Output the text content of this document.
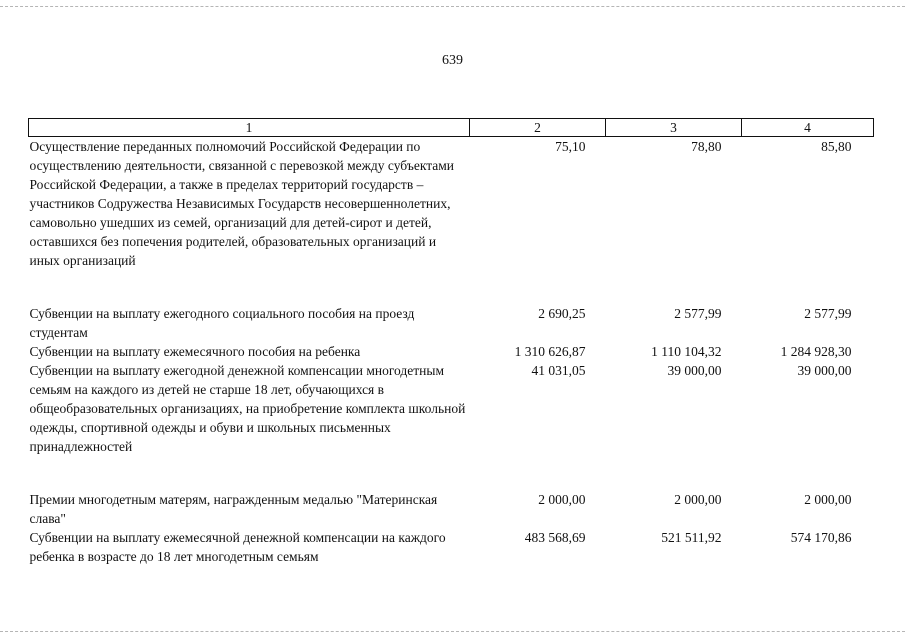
639
1	2	3	4
Осуществление переданных полномочий Российской Федерации по осуществлению деятельности, связанной с перевозкой между субъектами Российской Федерации, а также в пределах территорий государств – участников Содружества Независимых Государств несовершеннолетних, самовольно ушедших из семей, организаций для детей-сирот и детей, оставшихся без попечения родителей, образовательных организаций и иных организаций	75,10	78,80	85,80
Субвенции на выплату ежегодного социального пособия на проезд студентам	2 690,25	2 577,99	2 577,99
Субвенции на выплату ежемесячного пособия на ребенка	1 310 626,87	1 110 104,32	1 284 928,30
Субвенции на выплату ежегодной денежной компенсации многодетным семьям на каждого из детей не старше 18 лет, обучающихся в общеобразовательных организациях, на приобретение комплекта школьной одежды, спортивной одежды и обуви и школьных письменных принадлежностей	41 031,05	39 000,00	39 000,00
Премии многодетным матерям, награжденным медалью "Материнская слава"	2 000,00	2 000,00	2 000,00
Субвенции на выплату ежемесячной денежной компенсации на каждого ребенка в возрасте до 18 лет многодетным семьям	483 568,69	521 511,92	574 170,86
